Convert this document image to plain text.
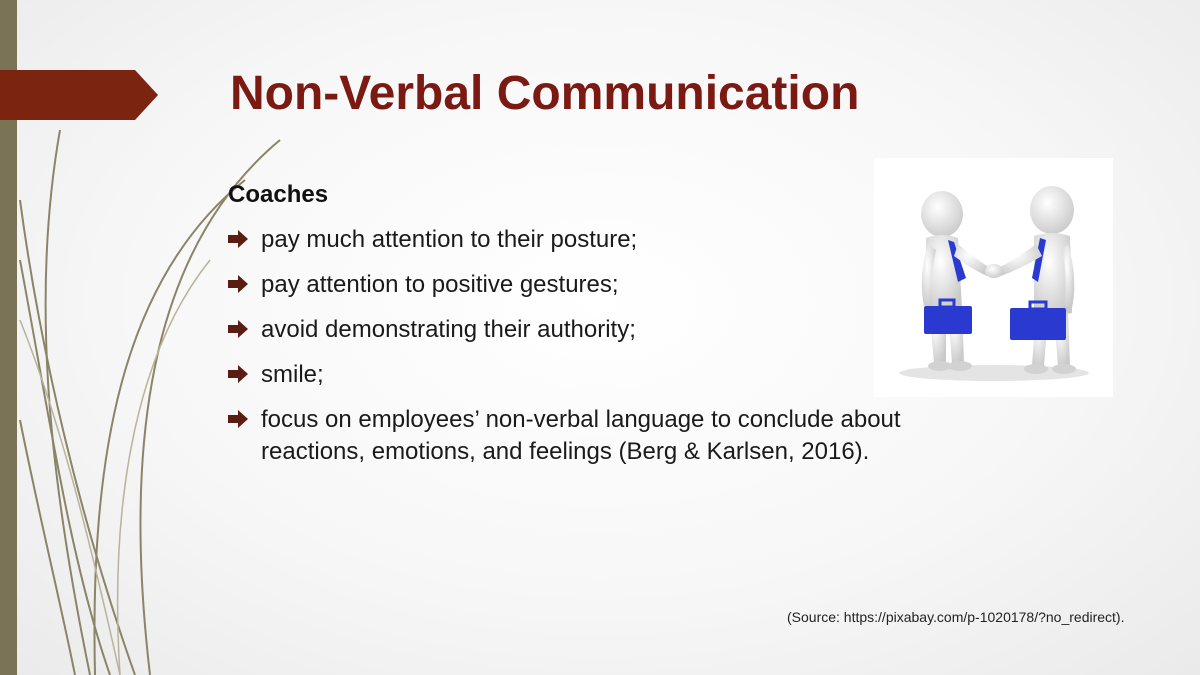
Non-Verbal Communication

Coaches

pay much attention to their posture;
pay attention to positive gestures;
avoid demonstrating their authority;
smile;
focus on employees’ non-verbal language to conclude about reactions, emotions, and feelings (Berg & Karlsen, 2016).

(Source: https://pixabay.com/p-1020178/?no_redirect).
